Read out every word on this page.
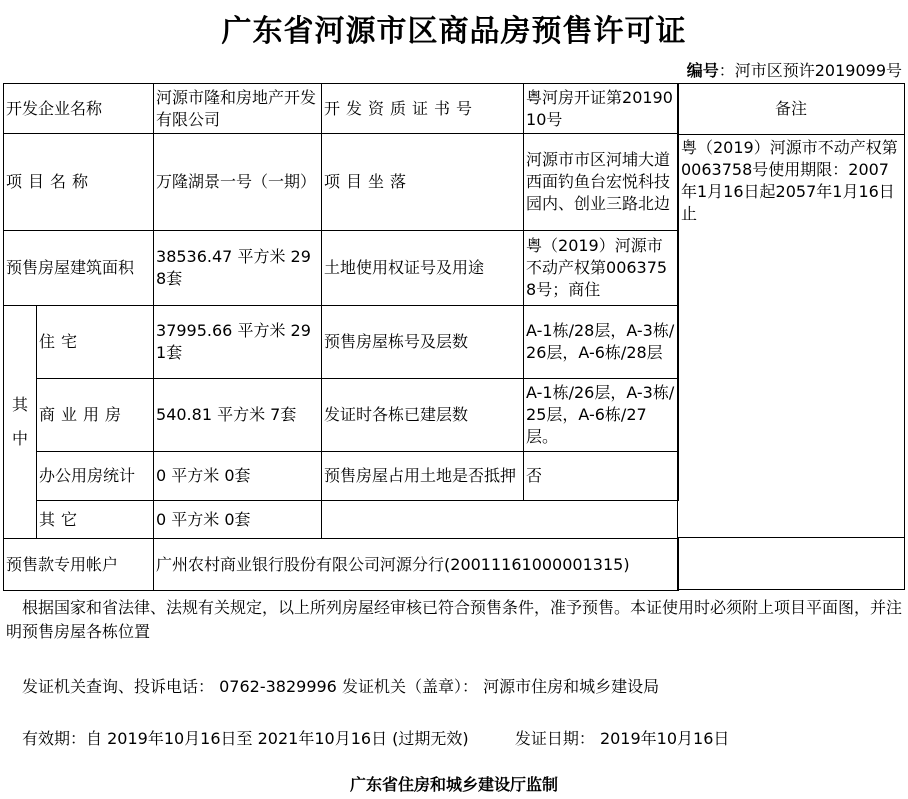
广东省河源市区商品房预售许可证
编号：河市区预许2019099号
开发企业名称		河源市隆和房地产开发有限公司	开发资质证书号	粤河房开证第2019010号
项目名称		万隆湖景一号（一期）	项目坐落	河源市市区河埔大道西面钓鱼台宏悦科技园内、创业三路北边
预售房屋建筑面积		38536.47 平方米 298套	土地使用权证号及用途	粤（2019）河源市不动产权第0063758号；商住
其中	住宅	37995.66 平方米 291套	预售房屋栋号及层数	A-1栋/28层，A-3栋/26层，A-6栋/28层
	商业用房	540.81 平方米 7套	发证时各栋已建层数	A-1栋/26层，A-3栋/25层，A-6栋/27层。
	办公用房统计	0 平方米 0套	预售房屋占用土地是否抵押	否
	其它	0 平方米 0套		
预售款专用帐户		广州农村商业银行股份有限公司河源分行(20011161000001315)		
备注
粤（2019）河源市不动产权第0063758号使用期限：2007年1月16日起2057年1月16日止
根据国家和省法律、法规有关规定，以上所列房屋经审核已符合预售条件，准予预售。本证使用时必须附上项目平面图，并注明预售房屋各栋位置
发证机关查询、投诉电话： 0762-3829996 发证机关（盖章）： 河源市住房和城乡建设局
有效期：自 2019年10月16日至 2021年10月16日 (过期无效)	发证日期： 2019年10月16日
广东省住房和城乡建设厅监制
